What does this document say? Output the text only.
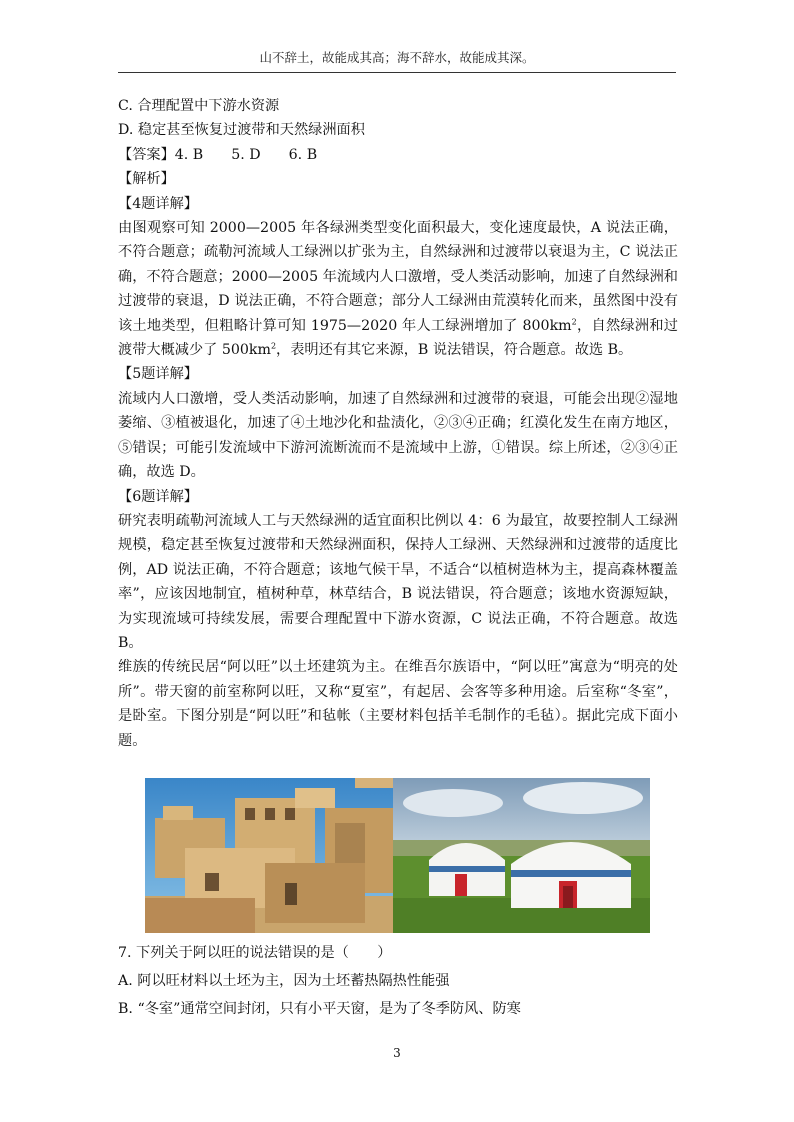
山不辞土，故能成其高；海不辞水，故能成其深。

C. 合理配置中下游水资源

D. 稳定甚至恢复过渡带和天然绿洲面积

【答案】4. B 5. D 6. B

【解析】

【4题详解】

由图观察可知 2000—2005 年各绿洲类型变化面积最大，变化速度最快，A 说法正确，不符合题意；疏勒河流域人工绿洲以扩张为主，自然绿洲和过渡带以衰退为主，C 说法正确，不符合题意；2000—2005 年流域内人口激增，受人类活动影响，加速了自然绿洲和过渡带的衰退，D 说法正确，不符合题意；部分人工绿洲由荒漠转化而来，虽然图中没有该土地类型，但粗略计算可知 1975—2020 年人工绿洲增加了 $800km^2$，自然绿洲和过渡带大概减少了 $500km^2$，表明还有其它来源，B 说法错误，符合题意。故选 B。

【5题详解】

流域内人口激增，受人类活动影响，加速了自然绿洲和过渡带的衰退，可能会出现②湿地萎缩、③植被退化，加速了④土地沙化和盐渍化，②③④正确；红漠化发生在南方地区，⑤错误；可能引发流域中下游河流断流而不是流域中上游，①错误。综上所述，②③④正确，故选 D。

【6题详解】

研究表明疏勒河流域人工与天然绿洲的适宜面积比例以 4：6 为最宜，故要控制人工绿洲规模，稳定甚至恢复过渡带和天然绿洲面积，保持人工绿洲、天然绿洲和过渡带的适度比例，AD 说法正确，不符合题意；该地气候干旱，不适合“以植树造林为主，提高森林覆盖率”，应该因地制宜，植树种草，林草结合，B 说法错误，符合题意；该地水资源短缺，为实现流域可持续发展，需要合理配置中下游水资源，C 说法正确，不符合题意。故选 B。

维族的传统民居“阿以旺”以土坯建筑为主。在维吾尔族语中，“阿以旺”寓意为“明亮的处所”。带天窗的前室称阿以旺，又称“夏室”，有起居、会客等多种用途。后室称“冬室”，是卧室。下图分别是“阿以旺”和毡帐（主要材料包括羊毛制作的毛毡）。据此完成下面小题。

7. 下列关于阿以旺的说法错误的是（　　）

A. 阿以旺材料以土坯为主，因为土坯蓄热隔热性能强

B. “冬室”通常空间封闭，只有小平天窗，是为了冬季防风、防寒

3
